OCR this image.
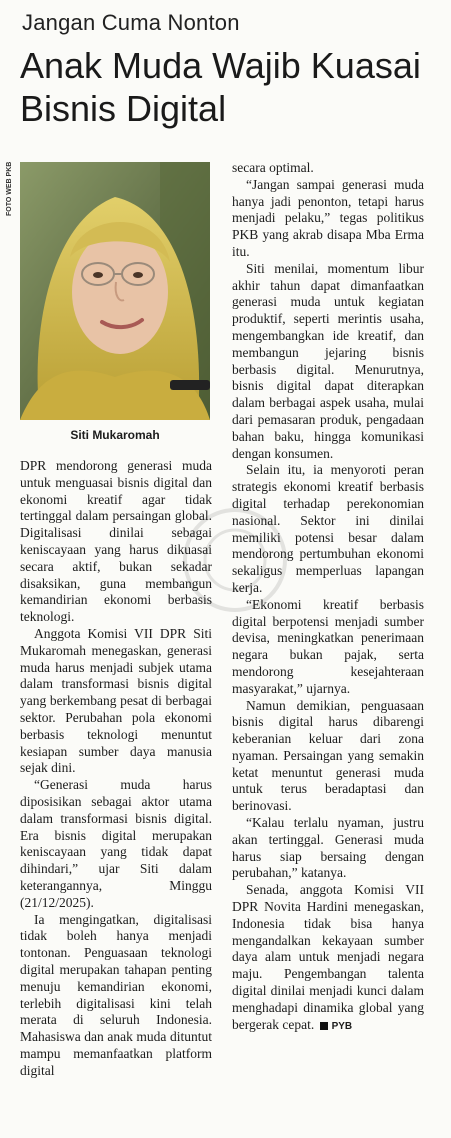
Jangan Cuma Nonton
Anak Muda Wajib Kuasai Bisnis Digital
FOTO WEB PKB
Siti Mukaromah

DPR mendorong generasi muda untuk menguasai bisnis digital dan ekonomi kreatif agar tidak tertinggal dalam persaingan global. Digitalisasi dinilai sebagai keniscayaan yang harus dikuasai secara aktif, bukan sekadar disaksikan, guna membangun kemandirian ekonomi berbasis teknologi.

Anggota Komisi VII DPR Siti Mukaromah menegaskan, generasi muda harus menjadi subjek utama dalam transformasi bisnis digital yang berkembang pesat di berbagai sektor. Perubahan pola ekonomi berbasis teknologi menuntut kesiapan sumber daya manusia sejak dini.

“Generasi muda harus diposisikan sebagai aktor utama dalam transformasi bisnis digital. Era bisnis digital merupakan keniscayaan yang tidak dapat dihindari,” ujar Siti dalam keterangannya, Minggu (21/12/2025).

Ia mengingatkan, digitalisasi tidak boleh hanya menjadi tontonan. Penguasaan teknologi digital merupakan tahapan penting menuju kemandirian ekonomi, terlebih digitalisasi kini telah merata di seluruh Indonesia. Mahasiswa dan anak muda dituntut mampu memanfaatkan platform digital

secara optimal.

“Jangan sampai generasi muda hanya jadi penonton, tetapi harus menjadi pelaku,” tegas politikus PKB yang akrab disapa Mba Erma itu.

Siti menilai, momentum libur akhir tahun dapat dimanfaatkan generasi muda untuk kegiatan produktif, seperti merintis usaha, mengembangkan ide kreatif, dan membangun jejaring bisnis berbasis digital. Menurutnya, bisnis digital dapat diterapkan dalam berbagai aspek usaha, mulai dari pemasaran produk, pengadaan bahan baku, hingga komunikasi dengan konsumen.

Selain itu, ia menyoroti peran strategis ekonomi kreatif berbasis digital terhadap perekonomian nasional. Sektor ini dinilai memiliki potensi besar dalam mendorong pertumbuhan ekonomi sekaligus memperluas lapangan kerja.

“Ekonomi kreatif berbasis digital berpotensi menjadi sumber devisa, meningkatkan penerimaan negara bukan pajak, serta mendorong kesejahteraan masyarakat,” ujarnya.

Namun demikian, penguasaan bisnis digital harus dibarengi keberanian keluar dari zona nyaman. Persaingan yang semakin ketat menuntut generasi muda untuk terus beradaptasi dan berinovasi.

“Kalau terlalu nyaman, justru akan tertinggal. Generasi muda harus siap bersaing dengan perubahan,” katanya.

Senada, anggota Komisi VII DPR Novita Hardini menegaskan, Indonesia tidak bisa hanya mengandalkan kekayaan sumber daya alam untuk menjadi negara maju. Pengembangan talenta digital dinilai menjadi kunci dalam menghadapi dinamika global yang bergerak cepat. PYB
